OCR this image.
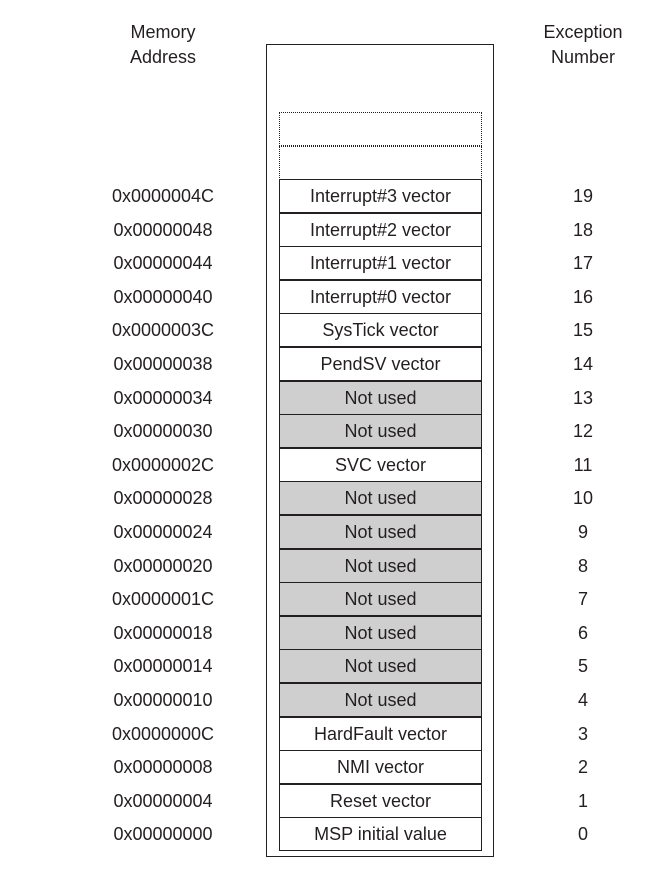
Memory
Address
Exception
Number
0x0000004C	Interrupt#3 vector	19
0x00000048	Interrupt#2 vector	18
0x00000044	Interrupt#1 vector	17
0x00000040	Interrupt#0 vector	16
0x0000003C	SysTick vector	15
0x00000038	PendSV vector	14
0x00000034	Not used	13
0x00000030	Not used	12
0x0000002C	SVC vector	11
0x00000028	Not used	10
0x00000024	Not used	9
0x00000020	Not used	8
0x0000001C	Not used	7
0x00000018	Not used	6
0x00000014	Not used	5
0x00000010	Not used	4
0x0000000C	HardFault vector	3
0x00000008	NMI vector	2
0x00000004	Reset vector	1
0x00000000	MSP initial value	0
